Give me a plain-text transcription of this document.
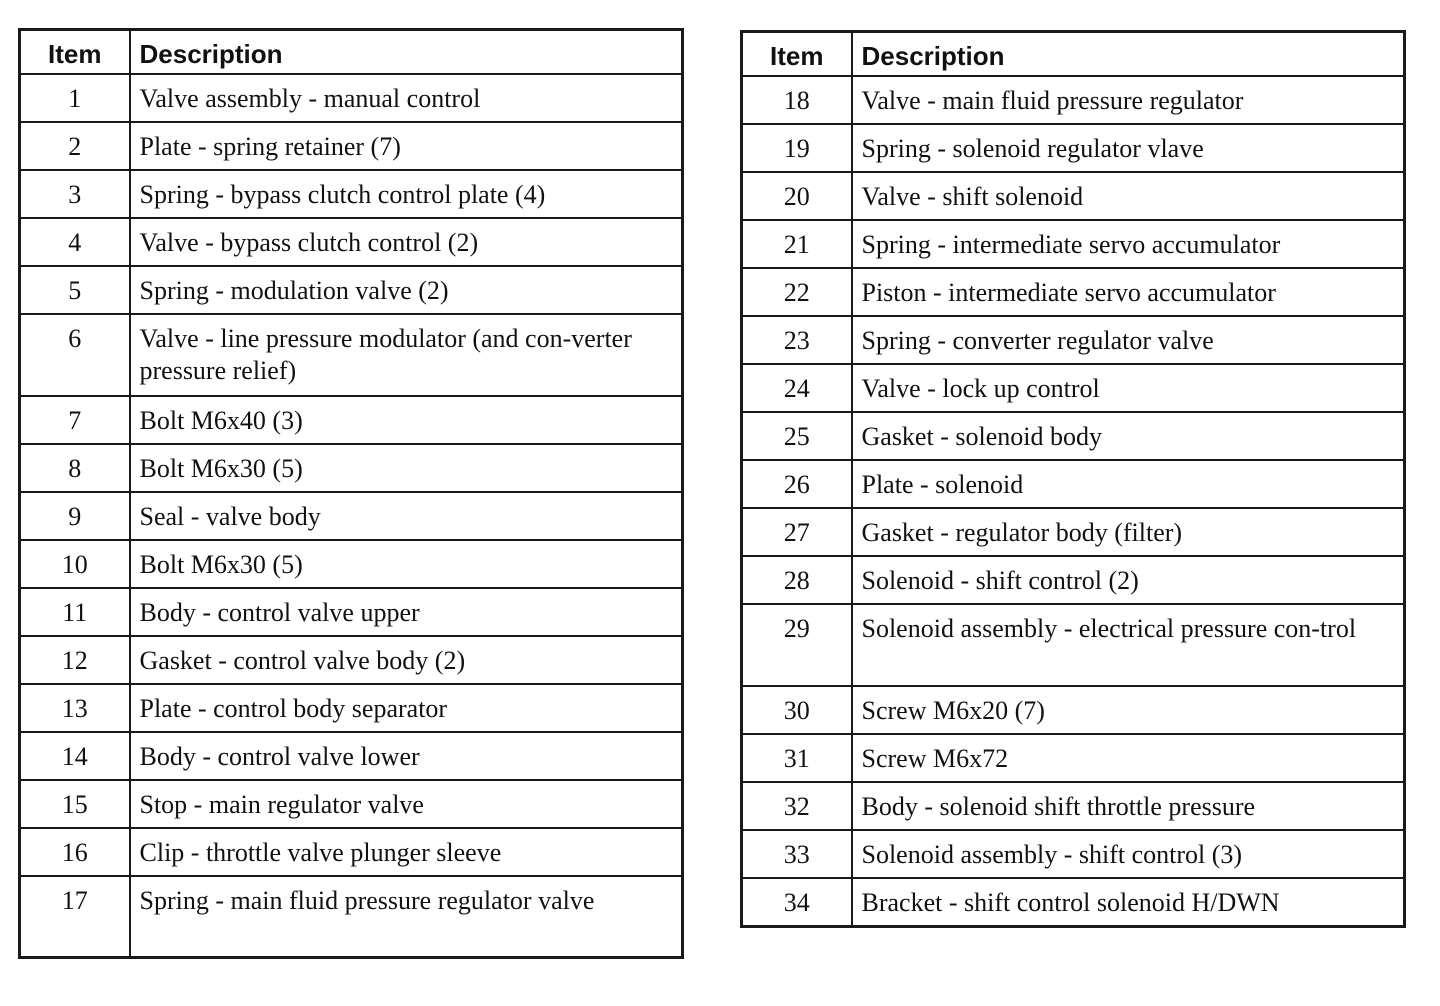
Item	Description
1	Valve assembly - manual control
2	Plate - spring retainer (7)
3	Spring - bypass clutch control plate (4)
4	Valve - bypass clutch control (2)
5	Spring - modulation valve (2)
6	Valve - line pressure modulator (and con-verter pressure relief)
7	Bolt M6x40 (3)
8	Bolt M6x30 (5)
9	Seal - valve body
10	Bolt M6x30 (5)
11	Body - control valve upper
12	Gasket - control valve body (2)
13	Plate - control body separator
14	Body - control valve lower
15	Stop - main regulator valve
16	Clip - throttle valve plunger sleeve
17	Spring - main fluid pressure regulator valve
Item	Description
18	Valve - main fluid pressure regulator
19	Spring - solenoid regulator vlave
20	Valve - shift solenoid
21	Spring - intermediate servo accumulator
22	Piston - intermediate servo accumulator
23	Spring - converter regulator valve
24	Valve - lock up control
25	Gasket - solenoid body
26	Plate - solenoid
27	Gasket - regulator body (filter)
28	Solenoid - shift control (2)
29	Solenoid assembly - electrical pressure con-trol
30	Screw M6x20 (7)
31	Screw M6x72
32	Body - solenoid shift throttle pressure
33	Solenoid assembly - shift control (3)
34	Bracket - shift control solenoid H/DWN
